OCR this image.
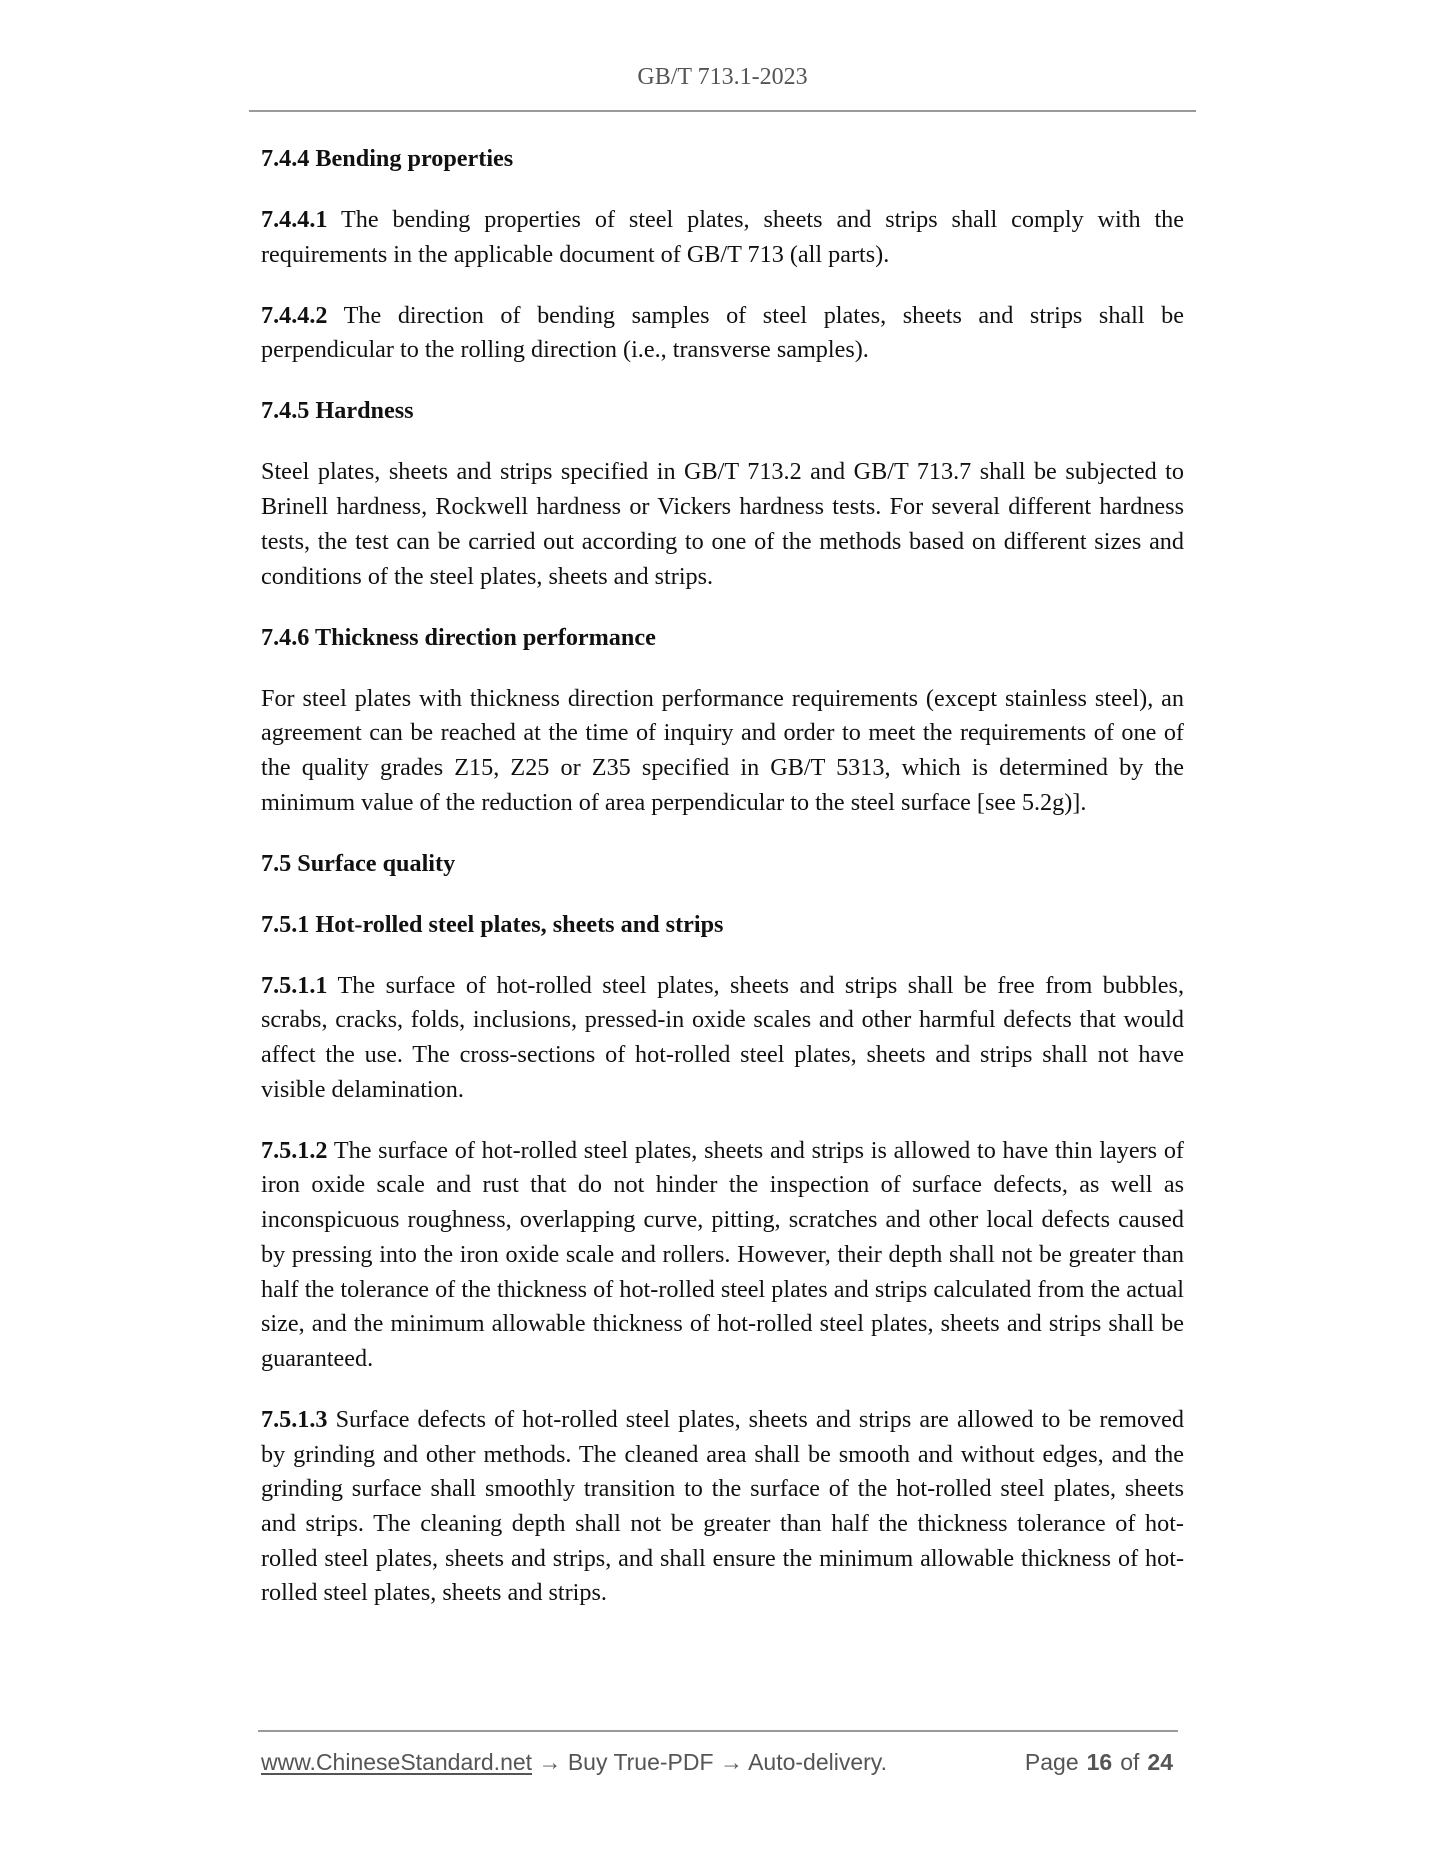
GB/T 713.1-2023
7.4.4 Bending properties
7.4.4.1 The bending properties of steel plates, sheets and strips shall comply with the requirements in the applicable document of GB/T 713 (all parts).
7.4.4.2 The direction of bending samples of steel plates, sheets and strips shall be perpendicular to the rolling direction (i.e., transverse samples).
7.4.5 Hardness
Steel plates, sheets and strips specified in GB/T 713.2 and GB/T 713.7 shall be subjected to Brinell hardness, Rockwell hardness or Vickers hardness tests. For several different hardness tests, the test can be carried out according to one of the methods based on different sizes and conditions of the steel plates, sheets and strips.
7.4.6 Thickness direction performance
For steel plates with thickness direction performance requirements (except stainless steel), an agreement can be reached at the time of inquiry and order to meet the requirements of one of the quality grades Z15, Z25 or Z35 specified in GB/T 5313, which is determined by the minimum value of the reduction of area perpendicular to the steel surface [see 5.2g)].
7.5 Surface quality
7.5.1 Hot-rolled steel plates, sheets and strips
7.5.1.1 The surface of hot-rolled steel plates, sheets and strips shall be free from bubbles, scrabs, cracks, folds, inclusions, pressed-in oxide scales and other harmful defects that would affect the use. The cross-sections of hot-rolled steel plates, sheets and strips shall not have visible delamination.
7.5.1.2 The surface of hot-rolled steel plates, sheets and strips is allowed to have thin layers of iron oxide scale and rust that do not hinder the inspection of surface defects, as well as inconspicuous roughness, overlapping curve, pitting, scratches and other local defects caused by pressing into the iron oxide scale and rollers. However, their depth shall not be greater than half the tolerance of the thickness of hot-rolled steel plates and strips calculated from the actual size, and the minimum allowable thickness of hot-rolled steel plates, sheets and strips shall be guaranteed.
7.5.1.3 Surface defects of hot-rolled steel plates, sheets and strips are allowed to be removed by grinding and other methods. The cleaned area shall be smooth and without edges, and the grinding surface shall smoothly transition to the surface of the hot-rolled steel plates, sheets and strips. The cleaning depth shall not be greater than half the thickness tolerance of hot-rolled steel plates, sheets and strips, and shall ensure the minimum allowable thickness of hot-rolled steel plates, sheets and strips.
www.ChineseStandard.net → Buy True-PDF → Auto-delivery.	Page 16 of 24
